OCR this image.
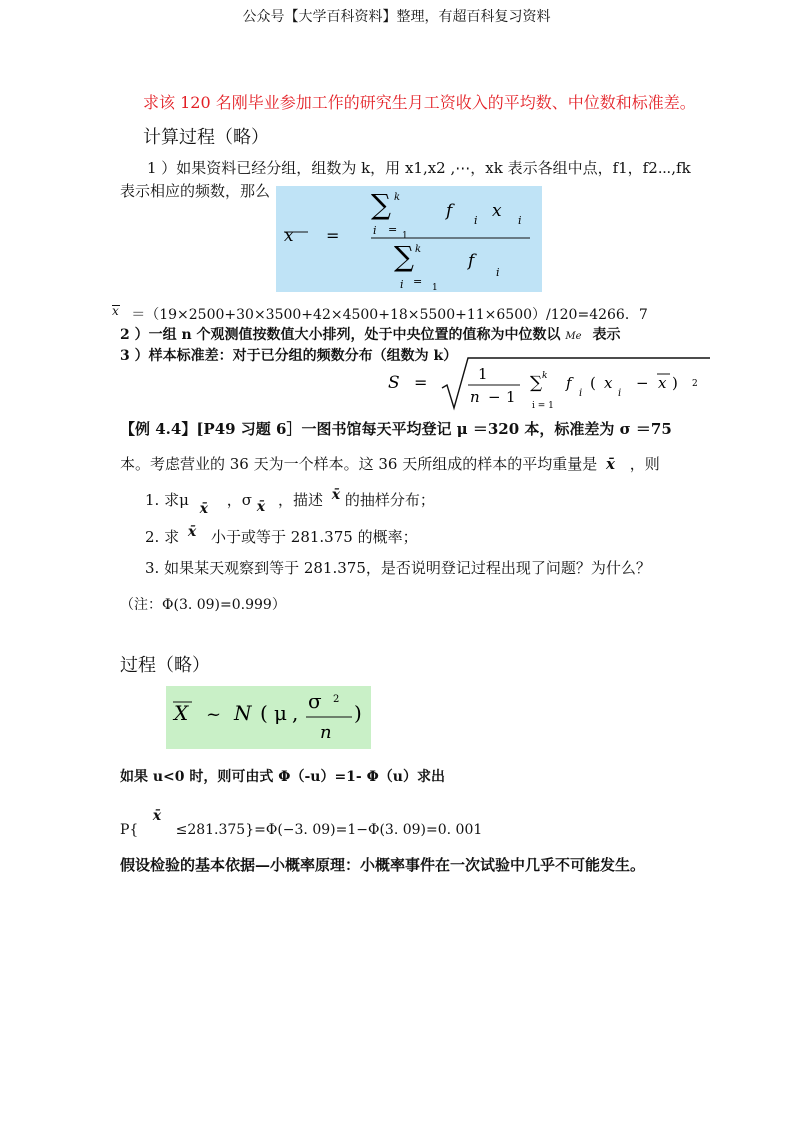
公众号【大学百科资料】整理，有超百科复习资料
求该 120 名刚毕业参加工作的研究生月工资收入的平均数、中位数和标准差。
计算过程（略）
1 ）如果资料已经分组，组数为 k，用 x1,x2 ,⋯，xk 表示各组中点，f1，f2⋯,fk
表示相应的频数，那么	∑ k
f i x i
i = 1
x =
∑ k
f
i
i = 1
x ＝（19×2500+30×3500+42×4500+18×5500+11×6500）/120=4266．7
2 ）一组 n 个观测值按数值大小排列，处于中央位置的值称为中位数以 Me 表示
3 ）样本标准差：对于已分组的频数分布（组数为 k）
S =	1
n − 1
∑ k
i = 1
f
i
( x
i
− x ) 2
【例 4.4】[P49 习题 6］一图书馆每天平均登记 μ ＝320 本，标准差为 σ ＝75
本。考虑营业的 36 天为一个样本。这 36 天所组成的样本的平均重量是 x̄ ，则
1. 求μ x̄ ，σ x̄ ，描述 x̄ 的抽样分布；
2. 求 x̄ 小于或等于 281.375 的概率；
3. 如果某天观察到等于 281.375，是否说明登记过程出现了问题？为什么？
（注：Φ(3. 09)=0.999）
过程（略）
X ~ N ( μ , σ 2
n
)
如果 u<0 时，则可由式 Φ（-u）=1- Φ（u）求出
P{ x̄ ≤281.375}=Φ(−3. 09)=1−Φ(3. 09)=0. 001
假设检验的基本依据—小概率原理：小概率事件在一次试验中几乎不可能发生。
